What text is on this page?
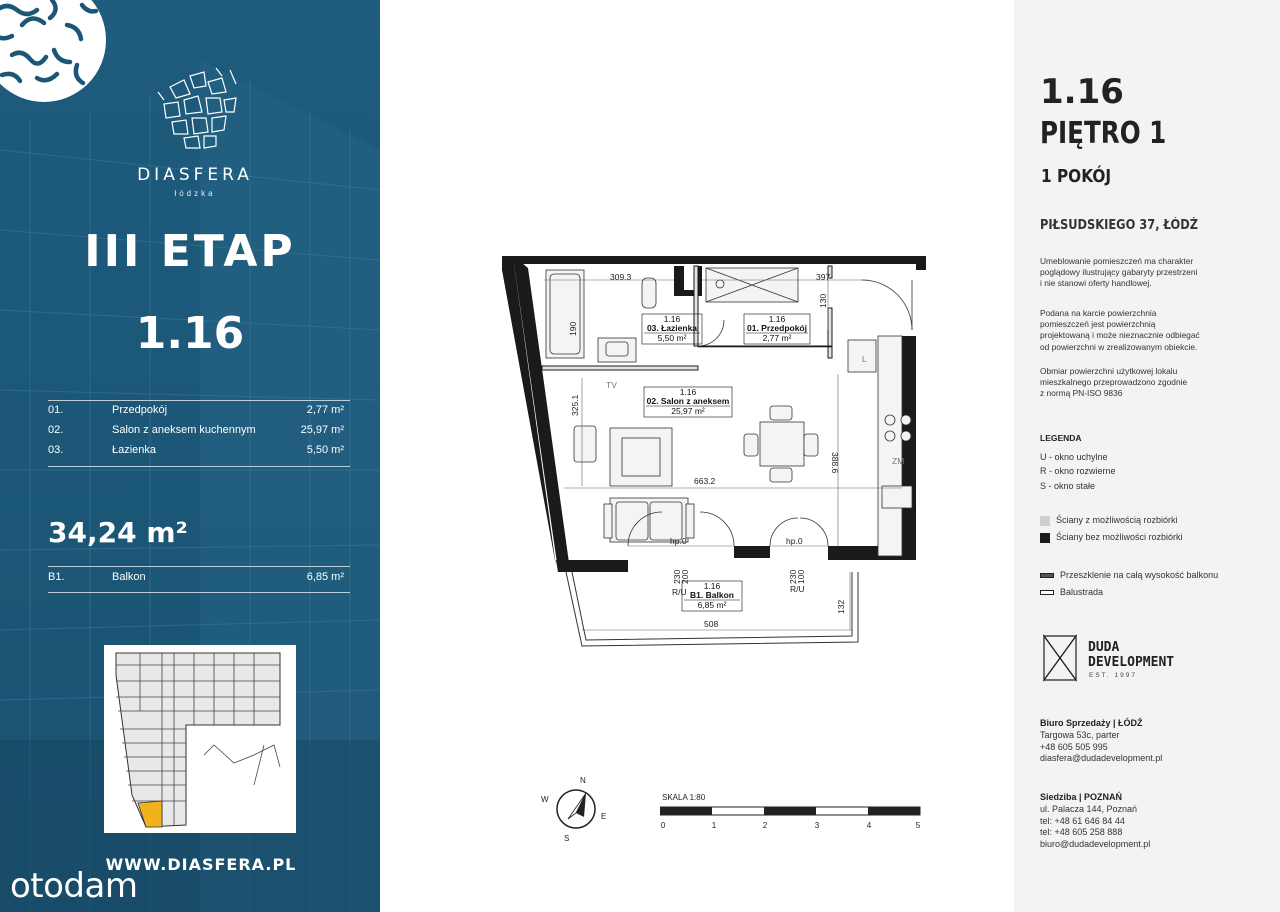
DIASFERA
łódzka
III ETAP
1.16
01.	Przedpokój	2,77 m²
02.	Salon z aneksem kuchennym	25,97 m²
03.	Łazienka	5,50 m²
34,24 m²
B1.	Balkon	6,85 m²
WWW.DIASFERA.PL
otodam
309.3	397
130
190
325.1
388.6
663.2
508
132
hp.0	hp.0
200
230	100
230
R/U	R/U
TV
L
ZM
1.16
03. Łazienka
5,50 m²
1.16
01. Przedpokój
2,77 m²
1.16
02. Salon z aneksem
25,97 m²
1.16
B1. Balkon
6,85 m²
N
E
S
W	SKALA 1:80
0	1	2	3	4	5
1.16
PIĘTRO 1
1 POKÓJ
PIŁSUDSKIEGO 37, ŁÓDŹ
Umeblowanie pomieszczeń ma charakter
poglądowy ilustrujący gabaryty przestrzeni
i nie stanowi oferty handlowej.
Podana na karcie powierzchnia
pomieszczeń jest powierzchnią
projektowaną i może nieznacznie odbiegać
od powierzchni w zrealizowanym obiekcie.
Obmiar powierzchni użytkowej lokalu
mieszkalnego przeprowadzono zgodnie
z normą PN-ISO 9836
LEGENDA
U - okno uchylne
R - okno rozwierne
S - okno stałe
Ściany z możliwością rozbiórki
Ściany bez możliwości rozbiórki
Przeszklenie na całą wysokość balkonu
Balustrada
DUDA
DEVELOPMENT
EST. 1997
Biuro Sprzedaży | ŁÓDŹ
Targowa 53c, parter
+48 605 505 995
diasfera@dudadevelopment.pl
Siedziba | POZNAŃ
ul. Palacza 144, Poznań
tel: +48 61 646 84 44
tel: +48 605 258 888
biuro@dudadevelopment.pl
